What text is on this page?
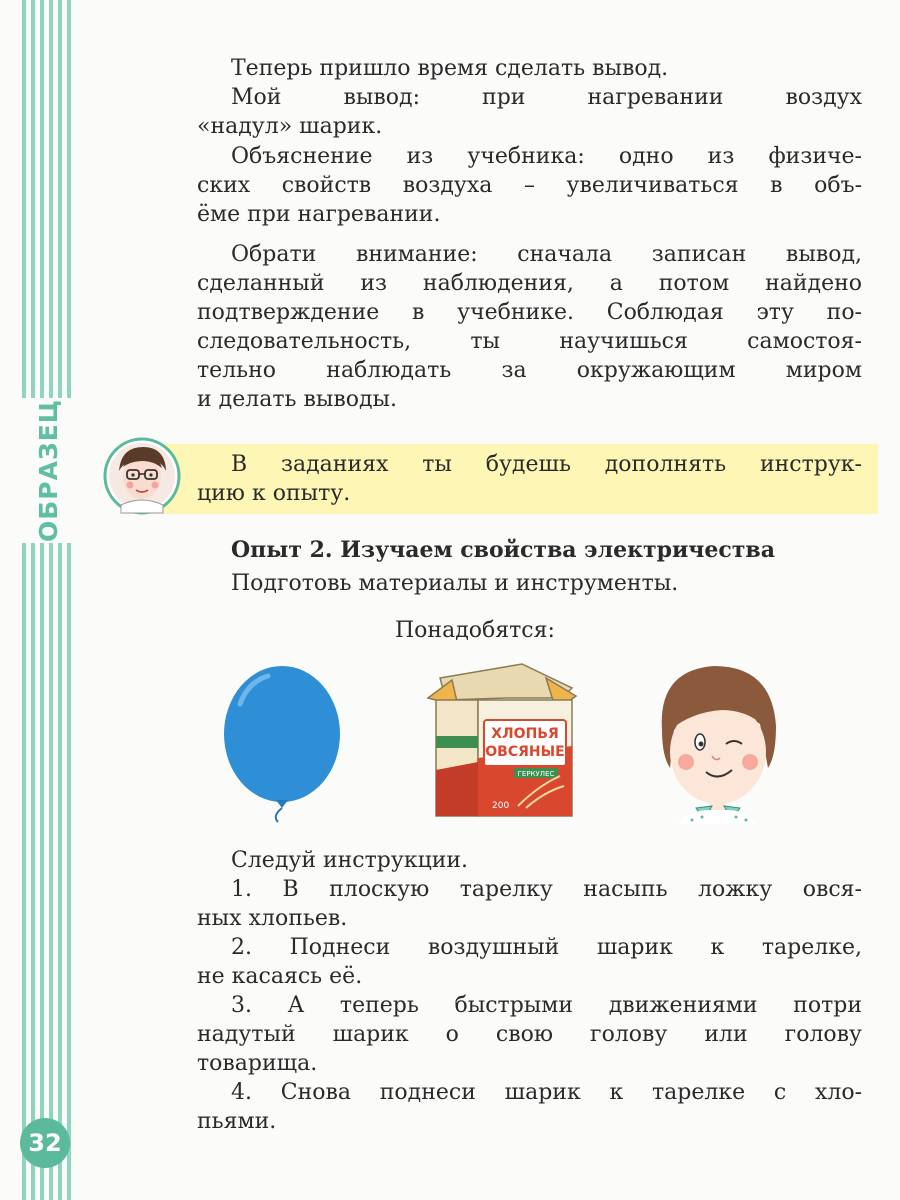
ОБРАЗЕЦ
32
Теперь пришло время сделать вывод.
Мой вывод: при нагревании воздух
«надул» шарик.
Объяснение из учебника: одно из физиче-
ских свойств воздуха – увеличиваться в объ-
ёме при нагревании.
Обрати внимание: сначала записан вывод,
сделанный из наблюдения, а потом найдено
подтверждение в учебнике. Соблюдая эту по-
следовательность, ты научишься самостоя-
тельно наблюдать за окружающим миром
и делать выводы.
В заданиях ты будешь дополнять инструк-
цию к опыту.
Опыт 2. Изучаем свойства электричества
Подготовь материалы и инструменты.
Понадобятся:
ХЛОПЬЯ
ОВСЯНЫЕ
ГЕРКУЛЕС
200
Следуй инструкции.
1. В плоскую тарелку насыпь ложку овся-
ных хлопьев.
2. Поднеси воздушный шарик к тарелке,
не касаясь её.
3. А теперь быстрыми движениями потри
надутый шарик о свою голову или голову
товарища.
4. Снова поднеси шарик к тарелке с хло-
пьями.
